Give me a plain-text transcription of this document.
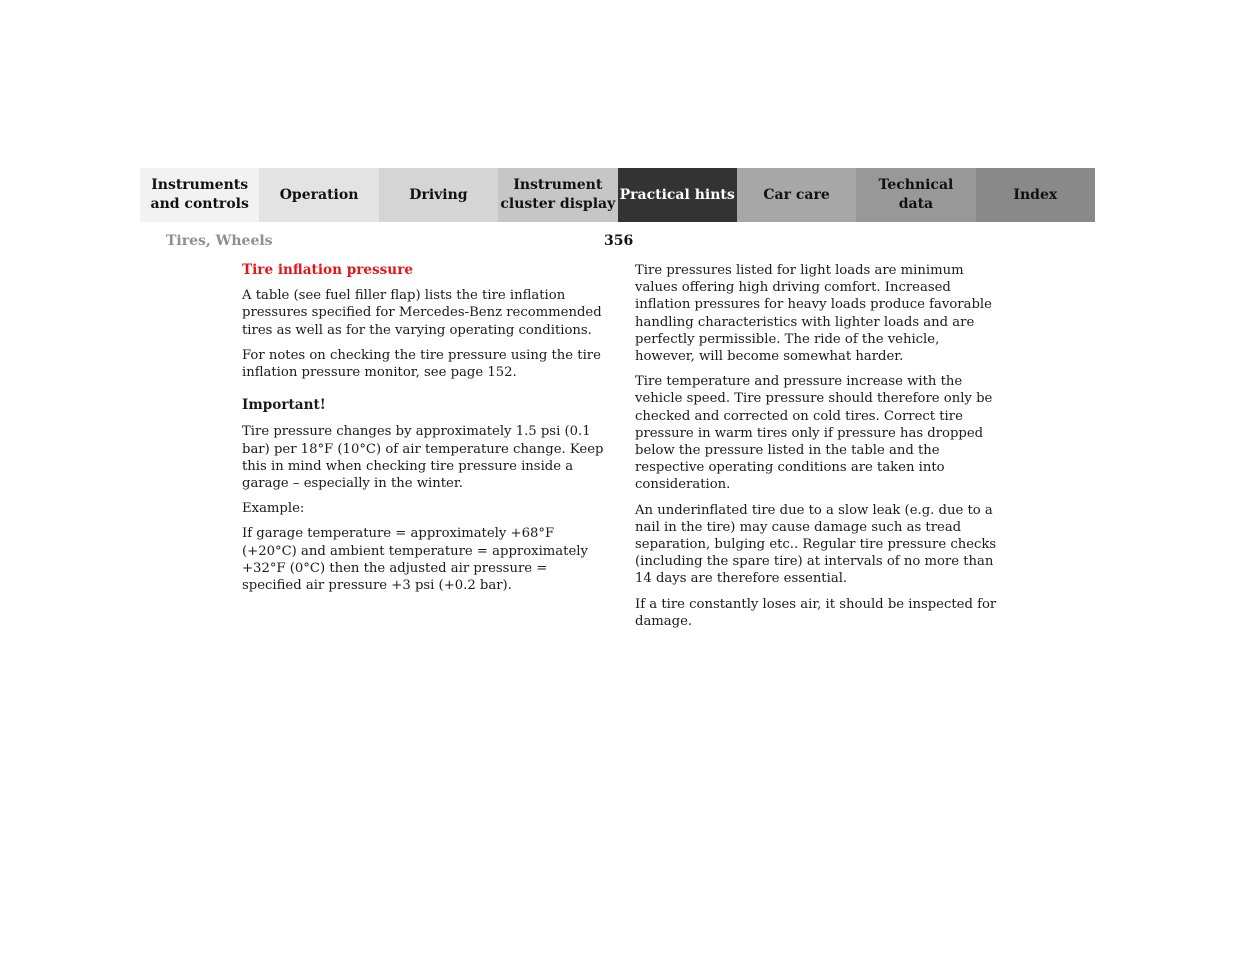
Instruments
and controls
Operation	Driving
Instrument
cluster display
Practical hints	Car care
Technical
data
Index
Tires, Wheels	356
Tire inflation pressure

A table (see fuel filler flap) lists the tire inflation pressures specified for Mercedes-Benz recommended tires as well as for the varying operating conditions.

For notes on checking the tire pressure using the tire inflation pressure monitor, see page 152.

Important!

Tire pressure changes by approximately 1.5 psi (0.1 bar) per 18°F (10°C) of air temperature change. Keep this in mind when checking tire pressure inside a garage – especially in the winter.

Example:

If garage temperature = approximately +68°F (+20°C) and ambient temperature = approximately +32°F (0°C) then the adjusted air pressure = specified air pressure +3 psi (+0.2 bar).

Tire pressures listed for light loads are minimum values offering high driving comfort. Increased inflation pressures for heavy loads produce favorable handling characteristics with lighter loads and are perfectly permissible. The ride of the vehicle, however, will become somewhat harder.

Tire temperature and pressure increase with the vehicle speed. Tire pressure should therefore only be checked and corrected on cold tires. Correct tire pressure in warm tires only if pressure has dropped below the pressure listed in the table and the respective operating conditions are taken into consideration.

An underinflated tire due to a slow leak (e.g. due to a nail in the tire) may cause damage such as tread separation, bulging etc.. Regular tire pressure checks (including the spare tire) at intervals of no more than 14 days are therefore essential.

If a tire constantly loses air, it should be inspected for damage.
